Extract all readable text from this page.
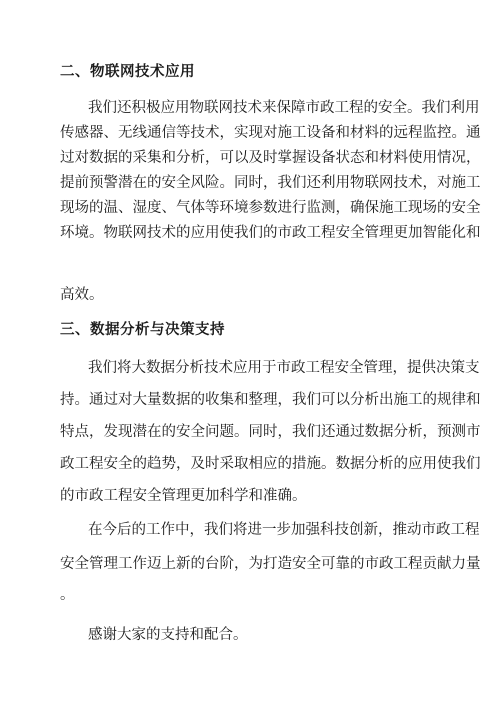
二、物联网技术应用
我们还积极应用物联网技术来保障市政工程的安全。我们利用
传感器、无线通信等技术，实现对施工设备和材料的远程监控。通
过对数据的采集和分析，可以及时掌握设备状态和材料使用情况，
提前预警潜在的安全风险。同时，我们还利用物联网技术，对施工
现场的温、湿度、气体等环境参数进行监测，确保施工现场的安全
环境。物联网技术的应用使我们的市政工程安全管理更加智能化和
高效。
三、数据分析与决策支持
我们将大数据分析技术应用于市政工程安全管理，提供决策支
持。通过对大量数据的收集和整理，我们可以分析出施工的规律和
特点，发现潜在的安全问题。同时，我们还通过数据分析，预测市
政工程安全的趋势，及时采取相应的措施。数据分析的应用使我们
的市政工程安全管理更加科学和准确。
在今后的工作中，我们将进一步加强科技创新，推动市政工程
安全管理工作迈上新的台阶，为打造安全可靠的市政工程贡献力量
。
感谢大家的支持和配合。
